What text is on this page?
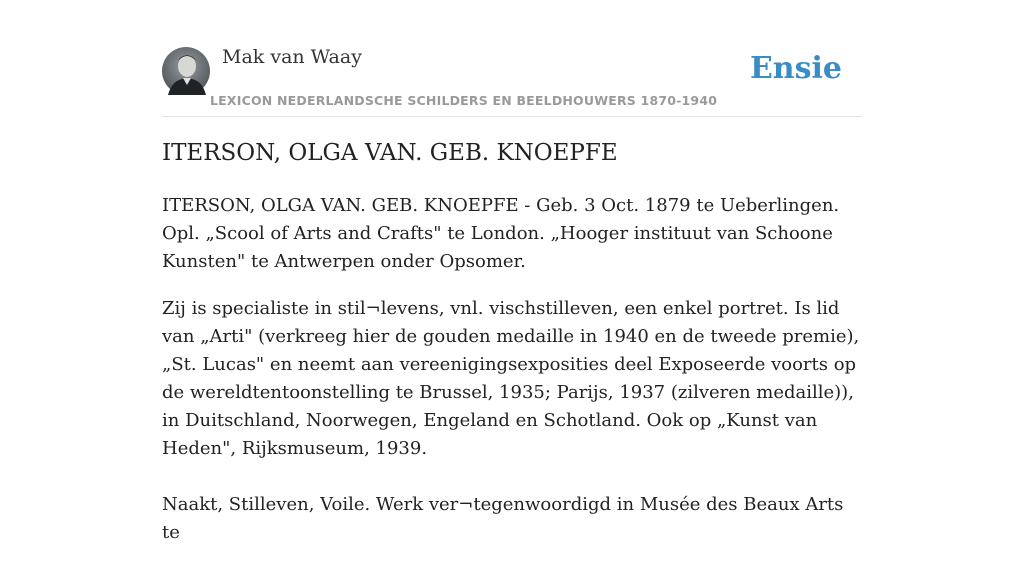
Mak van Waay
LEXICON NEDERLANDSCHE SCHILDERS EN BEELDHOUWERS 1870-1940
Ensie
ITERSON, OLGA VAN. GEB. KNOEPFE

ITERSON, OLGA VAN. GEB. KNOEPFE - Geb. 3 Oct. 1879 te Ueberlingen. Opl. „Scool of Arts and Crafts" te London. „Hooger instituut van Schoone Kunsten" te Antwerpen onder Opsomer.

Zij is specialiste in stil¬levens, vnl. vischstilleven, een enkel portret. Is lid van „Arti" (verkreeg hier de gouden medaille in 1940 en de tweede premie), „St. Lucas" en neemt aan vereenigingsexposities deel Exposeerde voorts op de wereldtentoonstelling te Brussel, 1935; Parijs, 1937 (zilveren medaille)), in Duitschland, Noorwegen, Engeland en Schotland. Ook op „Kunst van Heden", Rijksmuseum, 1939.

Naakt, Stilleven, Voile. Werk ver¬tegenwoordigd in Musée des Beaux Arts te
